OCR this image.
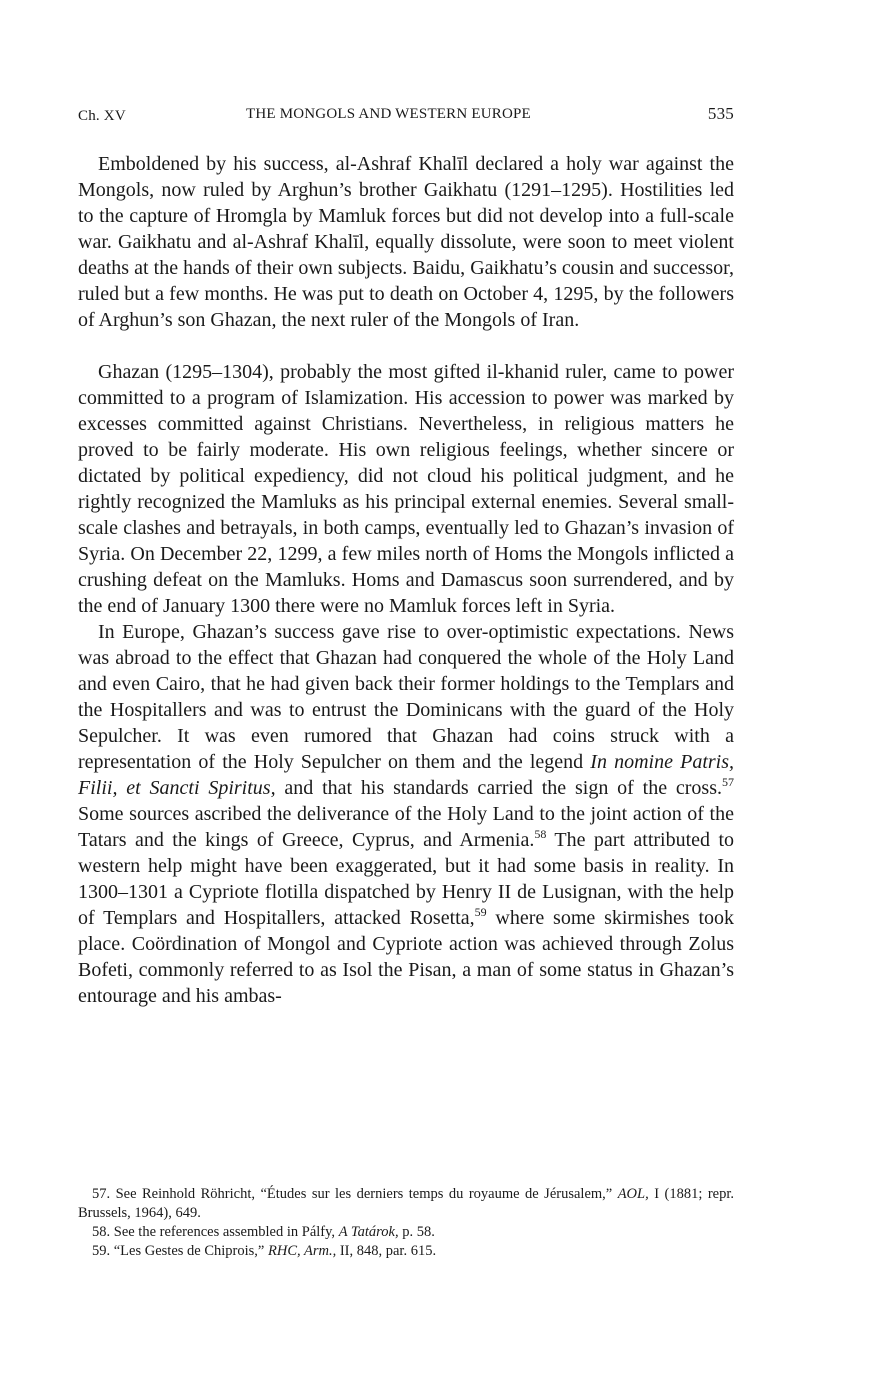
Ch. XV	THE MONGOLS AND WESTERN EUROPE	535

Emboldened by his success, al-Ashraf Khalīl declared a holy war against the Mongols, now ruled by Arghun’s brother Gaikhatu (1291–1295). Hostilities led to the capture of Hromgla by Mamluk forces but did not develop into a full-scale war. Gaikhatu and al-Ashraf Khalīl, equally dissolute, were soon to meet violent deaths at the hands of their own subjects. Baidu, Gaikhatu’s cousin and successor, ruled but a few months. He was put to death on October 4, 1295, by the followers of Arghun’s son Ghazan, the next ruler of the Mongols of Iran.

Ghazan (1295–1304), probably the most gifted il-khanid ruler, came to power committed to a program of Islamization. His accession to power was marked by excesses committed against Christians. Nevertheless, in religious matters he proved to be fairly moderate. His own religious feelings, whether sincere or dictated by political expediency, did not cloud his political judgment, and he rightly recognized the Mamluks as his principal external enemies. Several small-scale clashes and betrayals, in both camps, eventually led to Ghazan’s invasion of Syria. On December 22, 1299, a few miles north of Homs the Mongols inflicted a crushing defeat on the Mamluks. Homs and Damascus soon surrendered, and by the end of January 1300 there were no Mamluk forces left in Syria.

In Europe, Ghazan’s success gave rise to over-optimistic expectations. News was abroad to the effect that Ghazan had conquered the whole of the Holy Land and even Cairo, that he had given back their former holdings to the Templars and the Hospitallers and was to entrust the Dominicans with the guard of the Holy Sepulcher. It was even rumored that Ghazan had coins struck with a representation of the Holy Sepulcher on them and the legend In nomine Patris, Filii, et Sancti Spiritus, and that his standards carried the sign of the cross.$^{57}$ Some sources ascribed the deliverance of the Holy Land to the joint action of the Tatars and the kings of Greece, Cyprus, and Armenia.$^{58}$ The part attributed to western help might have been exaggerated, but it had some basis in reality. In 1300–1301 a Cypriote flotilla dispatched by Henry II de Lusignan, with the help of Templars and Hospitallers, attacked Rosetta,$^{59}$ where some skirmishes took place. Coördination of Mongol and Cypriote action was achieved through Zolus Bofeti, commonly referred to as Isol the Pisan, a man of some status in Ghazan’s entourage and his ambas-

57. See Reinhold Röhricht, “Études sur les derniers temps du royaume de Jérusalem,” AOL, I (1881; repr. Brussels, 1964), 649.

58. See the references assembled in Pálfy, A Tatárok, p. 58.

59. “Les Gestes de Chiprois,” RHC, Arm., II, 848, par. 615.
